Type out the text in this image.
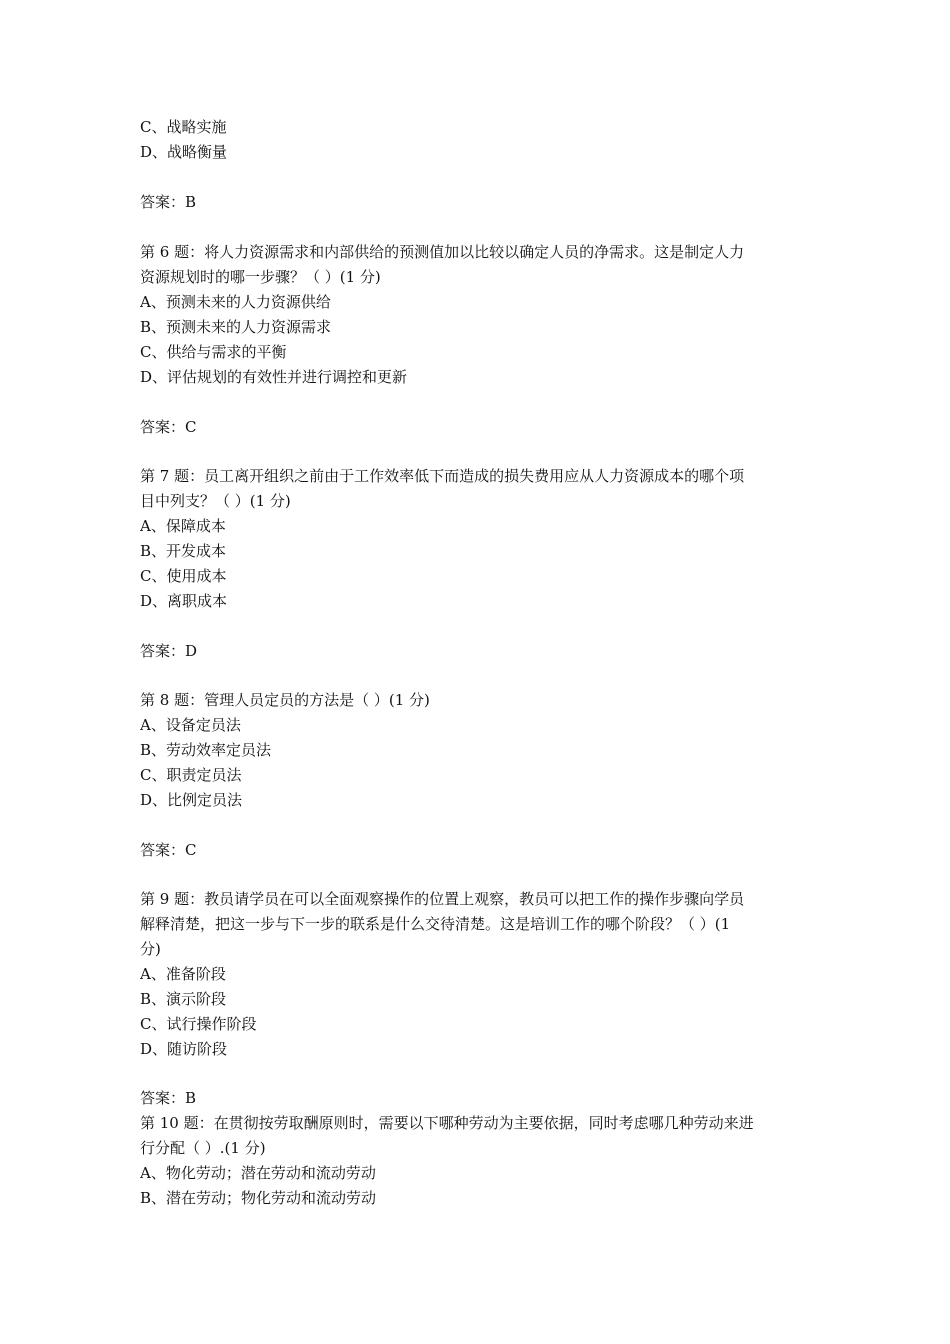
C、战略实施
D、战略衡量
答案：B
第 6 题：将人力资源需求和内部供给的预测值加以比较以确定人员的净需求。这是制定人力
资源规划时的哪一步骤？（ ）(1 分)
A、预测未来的人力资源供给
B、预测未来的人力资源需求
C、供给与需求的平衡
D、评估规划的有效性并进行调控和更新
答案：C
第 7 题：员工离开组织之前由于工作效率低下而造成的损失费用应从人力资源成本的哪个项
目中列支？（ ）(1 分)
A、保障成本
B、开发成本
C、使用成本
D、离职成本
答案：D
第 8 题：管理人员定员的方法是（ ）(1 分)
A、设备定员法
B、劳动效率定员法
C、职责定员法
D、比例定员法
答案：C
第 9 题：教员请学员在可以全面观察操作的位置上观察，教员可以把工作的操作步骤向学员
解释清楚，把这一步与下一步的联系是什么交待清楚。这是培训工作的哪个阶段？（ ）(1
分)
A、准备阶段
B、演示阶段
C、试行操作阶段
D、随访阶段
答案：B
第 10 题：在贯彻按劳取酬原则时，需要以下哪种劳动为主要依据，同时考虑哪几种劳动来进
行分配（ ）.(1 分)
A、物化劳动；潜在劳动和流动劳动
B、潜在劳动；物化劳动和流动劳动
